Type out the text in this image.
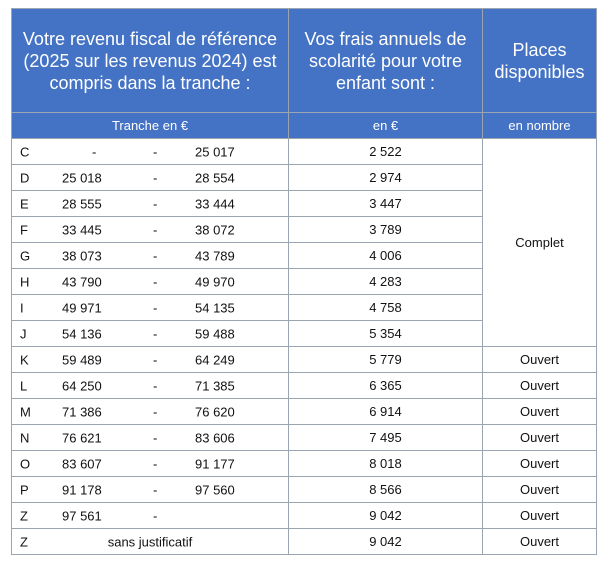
Votre revenu fiscal de référence (2025 sur les revenus 2024) est compris dans la tranche :	Vos frais annuels de scolarité pour votre enfant sont :	Places disponibles
Tranche en €	en €	en nombre

C - - 25 017	2 522	Complet

D 25 018 - 28 554	2 974	

E 28 555 - 33 444	3 447	

F 33 445 - 38 072	3 789	

G 38 073 - 43 789	4 006	

H 43 790 - 49 970	4 283	

I 49 971 - 54 135	4 758	

J 54 136 - 59 488	5 354	

K 59 489 - 64 249	5 779	Ouvert

L 64 250 - 71 385	6 365	Ouvert

M 71 386 - 76 620	6 914	Ouvert

N 76 621 - 83 606	7 495	Ouvert

O 83 607 - 91 177	8 018	Ouvert

P 91 178 - 97 560	8 566	Ouvert

Z 97 561 -	9 042	Ouvert

Z sans justificatif	9 042	Ouvert
